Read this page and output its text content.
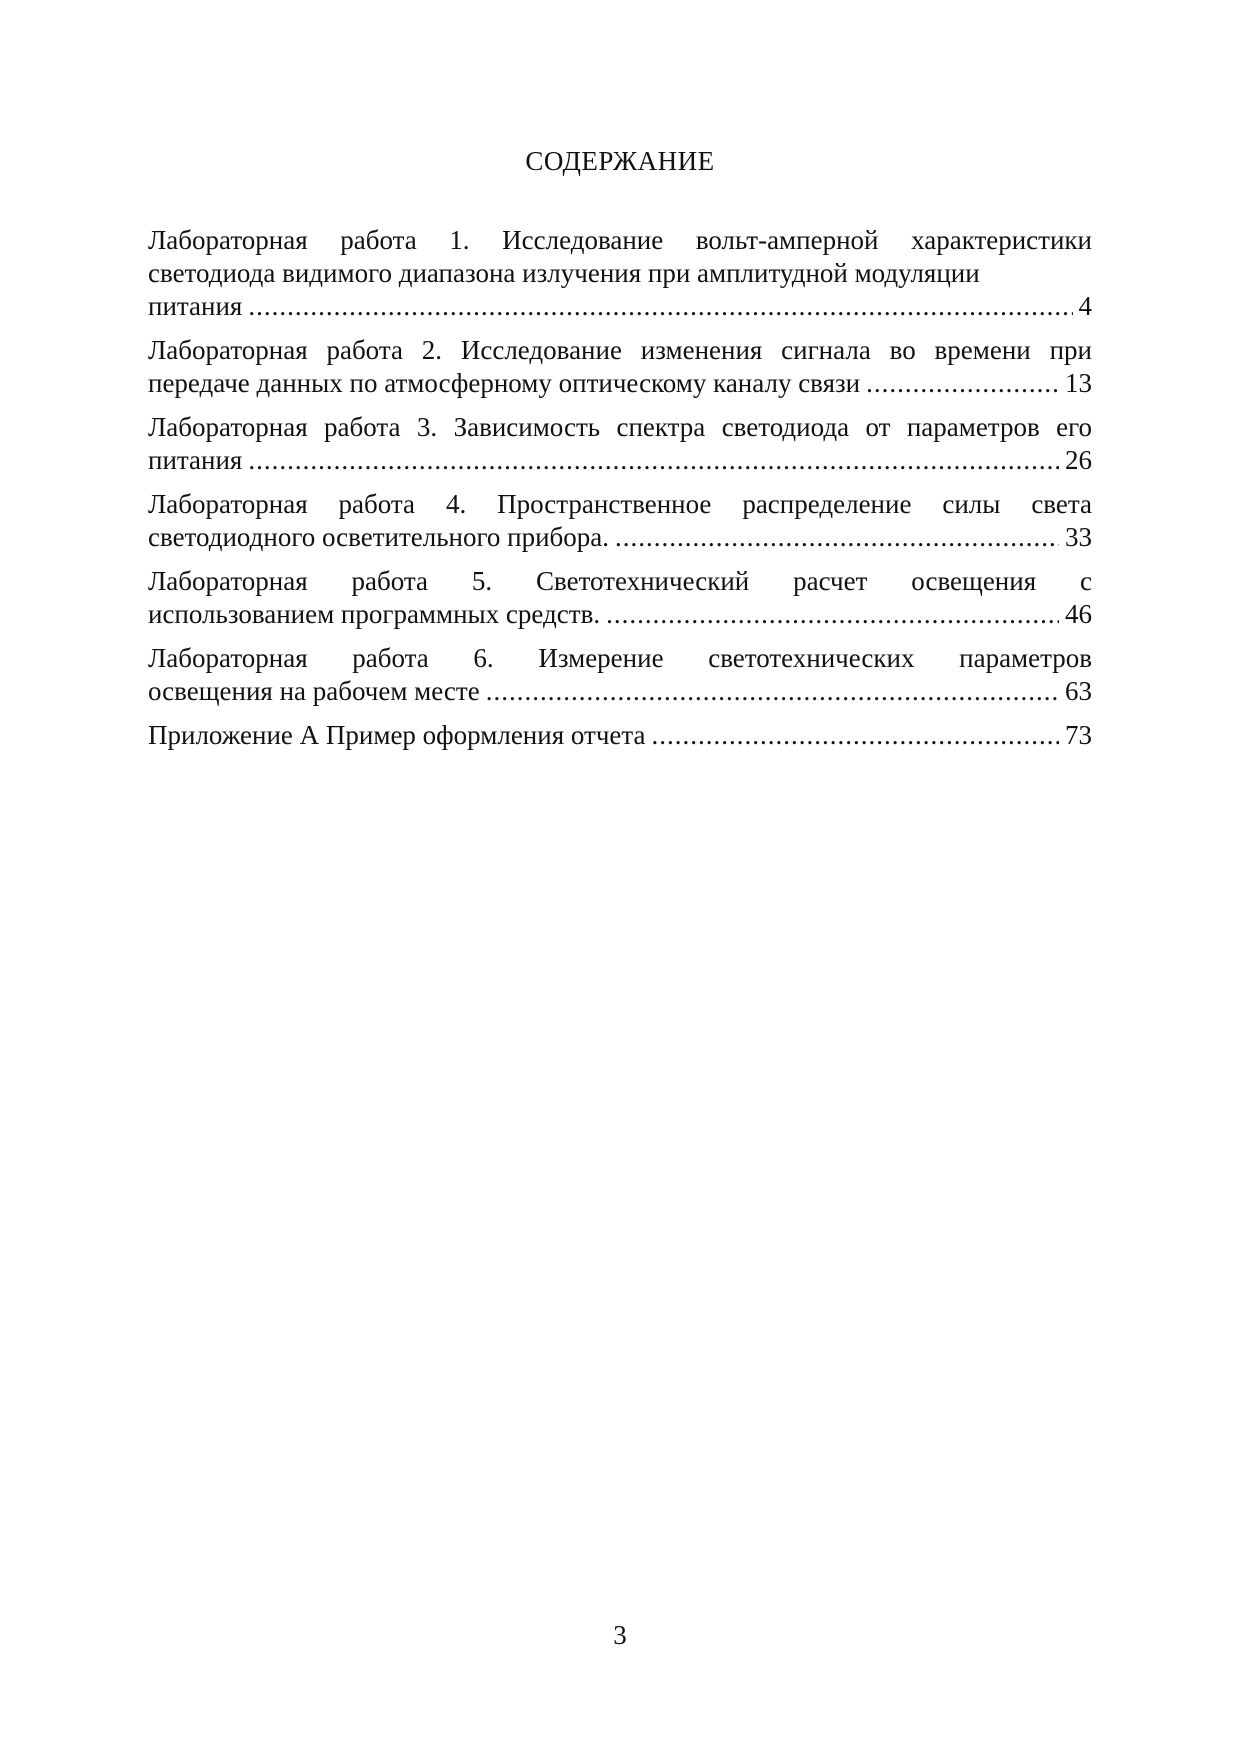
СОДЕРЖАНИЕ
Лабораторная работа 1. Исследование вольт-амперной характеристики светодиода видимого диапазона излучения при амплитудной модуляции
питания .....	4
Лабораторная работа 2. Исследование изменения сигнала во времени при
передаче данных по атмосферному оптическому каналу связи .....	13
Лабораторная работа 3. Зависимость спектра светодиода от параметров его
питания .....	26
Лабораторная работа 4. Пространственное распределение силы света
светодиодного осветительного прибора. .....	33
Лабораторная работа 5. Светотехнический расчет освещения с
использованием программных средств. .....	46
Лабораторная работа 6. Измерение светотехнических параметров
освещения на рабочем месте .....	63
Приложение А Пример оформления отчета .....	73
3
